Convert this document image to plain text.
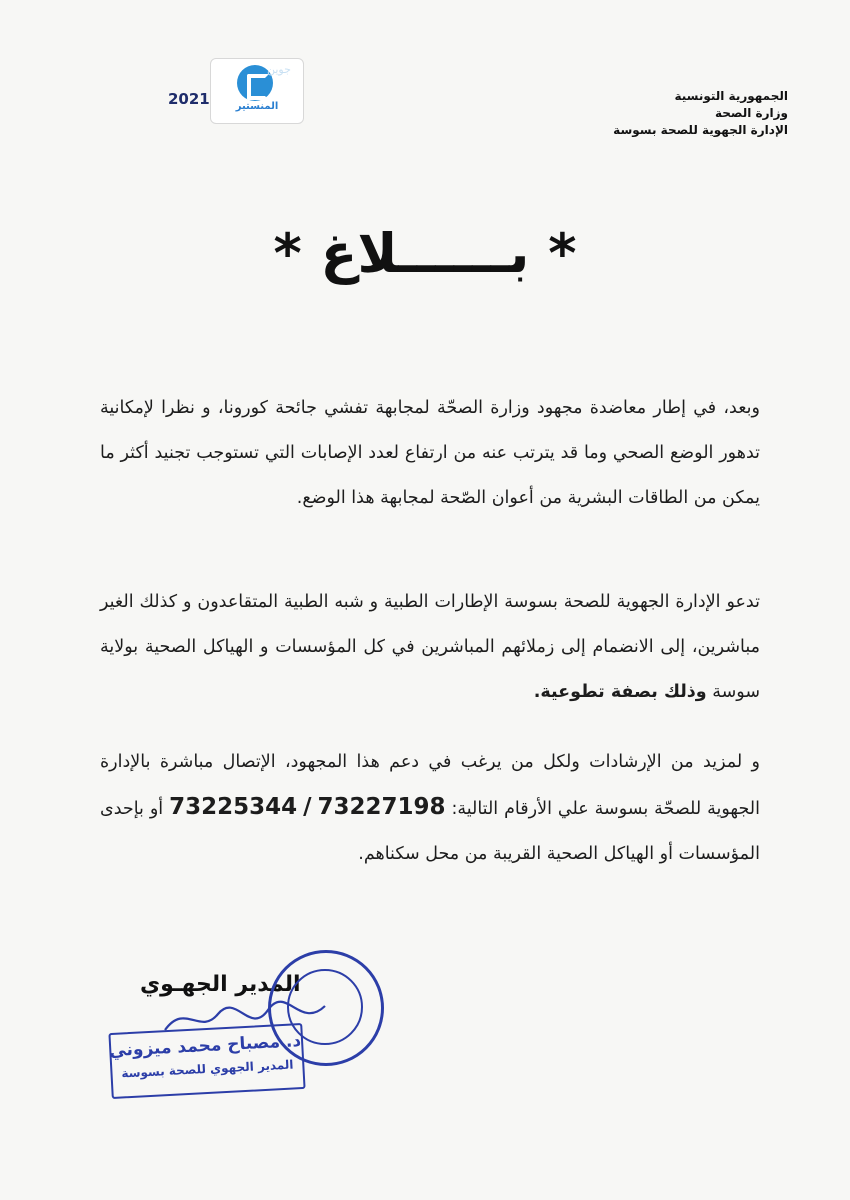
الجمهورية التونسية
وزارة الصحة
الإدارة الجهوية للصحة بسوسة
2021
جوين
المنستير
* بــــــلاغ *
وبعد، في إطار معاضدة مجهود وزارة الصحّة لمجابهة تفشي جائحة كورونا، و نظرا لإمكانية تدهور الوضع الصحي وما قد يترتب عنه من ارتفاع لعدد الإصابات التي تستوجب تجنيد أكثر ما يمكن من الطاقات البشرية من أعوان الصّحة لمجابهة هذا الوضع.
تدعو الإدارة الجهوية للصحة بسوسة الإطارات الطبية و شبه الطبية المتقاعدون و كذلك الغير مباشرين، إلى الانضمام إلى زملائهم المباشرين في كل المؤسسات و الهياكل الصحية بولاية سوسة وذلك بصفة تطوعية.
و لمزيد من الإرشادات ولكل من يرغب في دعم هذا المجهود، الإتصال مباشرة بالإدارة الجهوية للصحّة بسوسة علي الأرقام التالية: 73227198 / 73225344 أو بإحدى المؤسسات أو الهياكل الصحية القريبة من محل سكناهم.
المدير الجهـوي
د. مصباح محمد ميزوني
المدير الجهوي للصحة بسوسة
